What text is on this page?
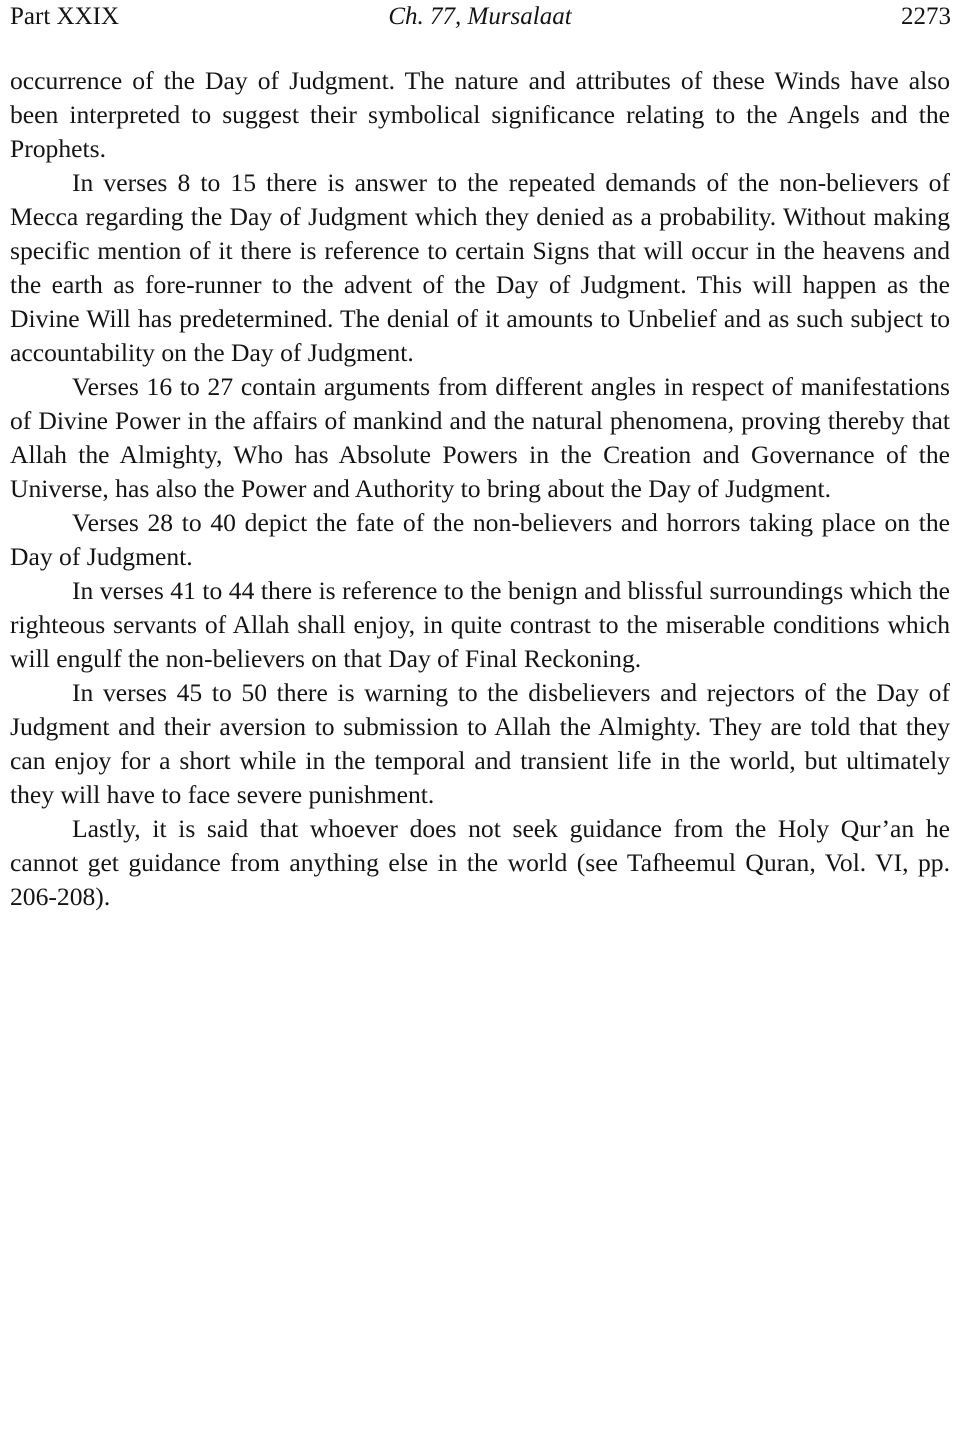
Part XXIX	Ch. 77, Mursalaat	2273

occurrence of the Day of Judgment. The nature and attributes of these Winds have also been interpreted to suggest their symbolical significance relating to the Angels and the Prophets.

In verses 8 to 15 there is answer to the repeated demands of the non-believers of Mecca regarding the Day of Judgment which they denied as a probability. Without making specific mention of it there is reference to certain Signs that will occur in the heavens and the earth as fore-runner to the advent of the Day of Judgment. This will happen as the Divine Will has predetermined. The denial of it amounts to Unbelief and as such subject to accountability on the Day of Judgment.

Verses 16 to 27 contain arguments from different angles in respect of manifestations of Divine Power in the affairs of mankind and the natural phenomena, proving thereby that Allah the Almighty, Who has Absolute Powers in the Creation and Governance of the Universe, has also the Power and Authority to bring about the Day of Judgment.

Verses 28 to 40 depict the fate of the non-believers and horrors taking place on the Day of Judgment.

In verses 41 to 44 there is reference to the benign and blissful surroundings which the righteous servants of Allah shall enjoy, in quite contrast to the miserable conditions which will engulf the non-believers on that Day of Final Reckoning.

In verses 45 to 50 there is warning to the disbelievers and rejectors of the Day of Judgment and their aversion to submission to Allah the Almighty. They are told that they can enjoy for a short while in the temporal and transient life in the world, but ultimately they will have to face severe punishment.

Lastly, it is said that whoever does not seek guidance from the Holy Qur’an he cannot get guidance from anything else in the world (see Tafheemul Quran, Vol. VI, pp. 206-208).
